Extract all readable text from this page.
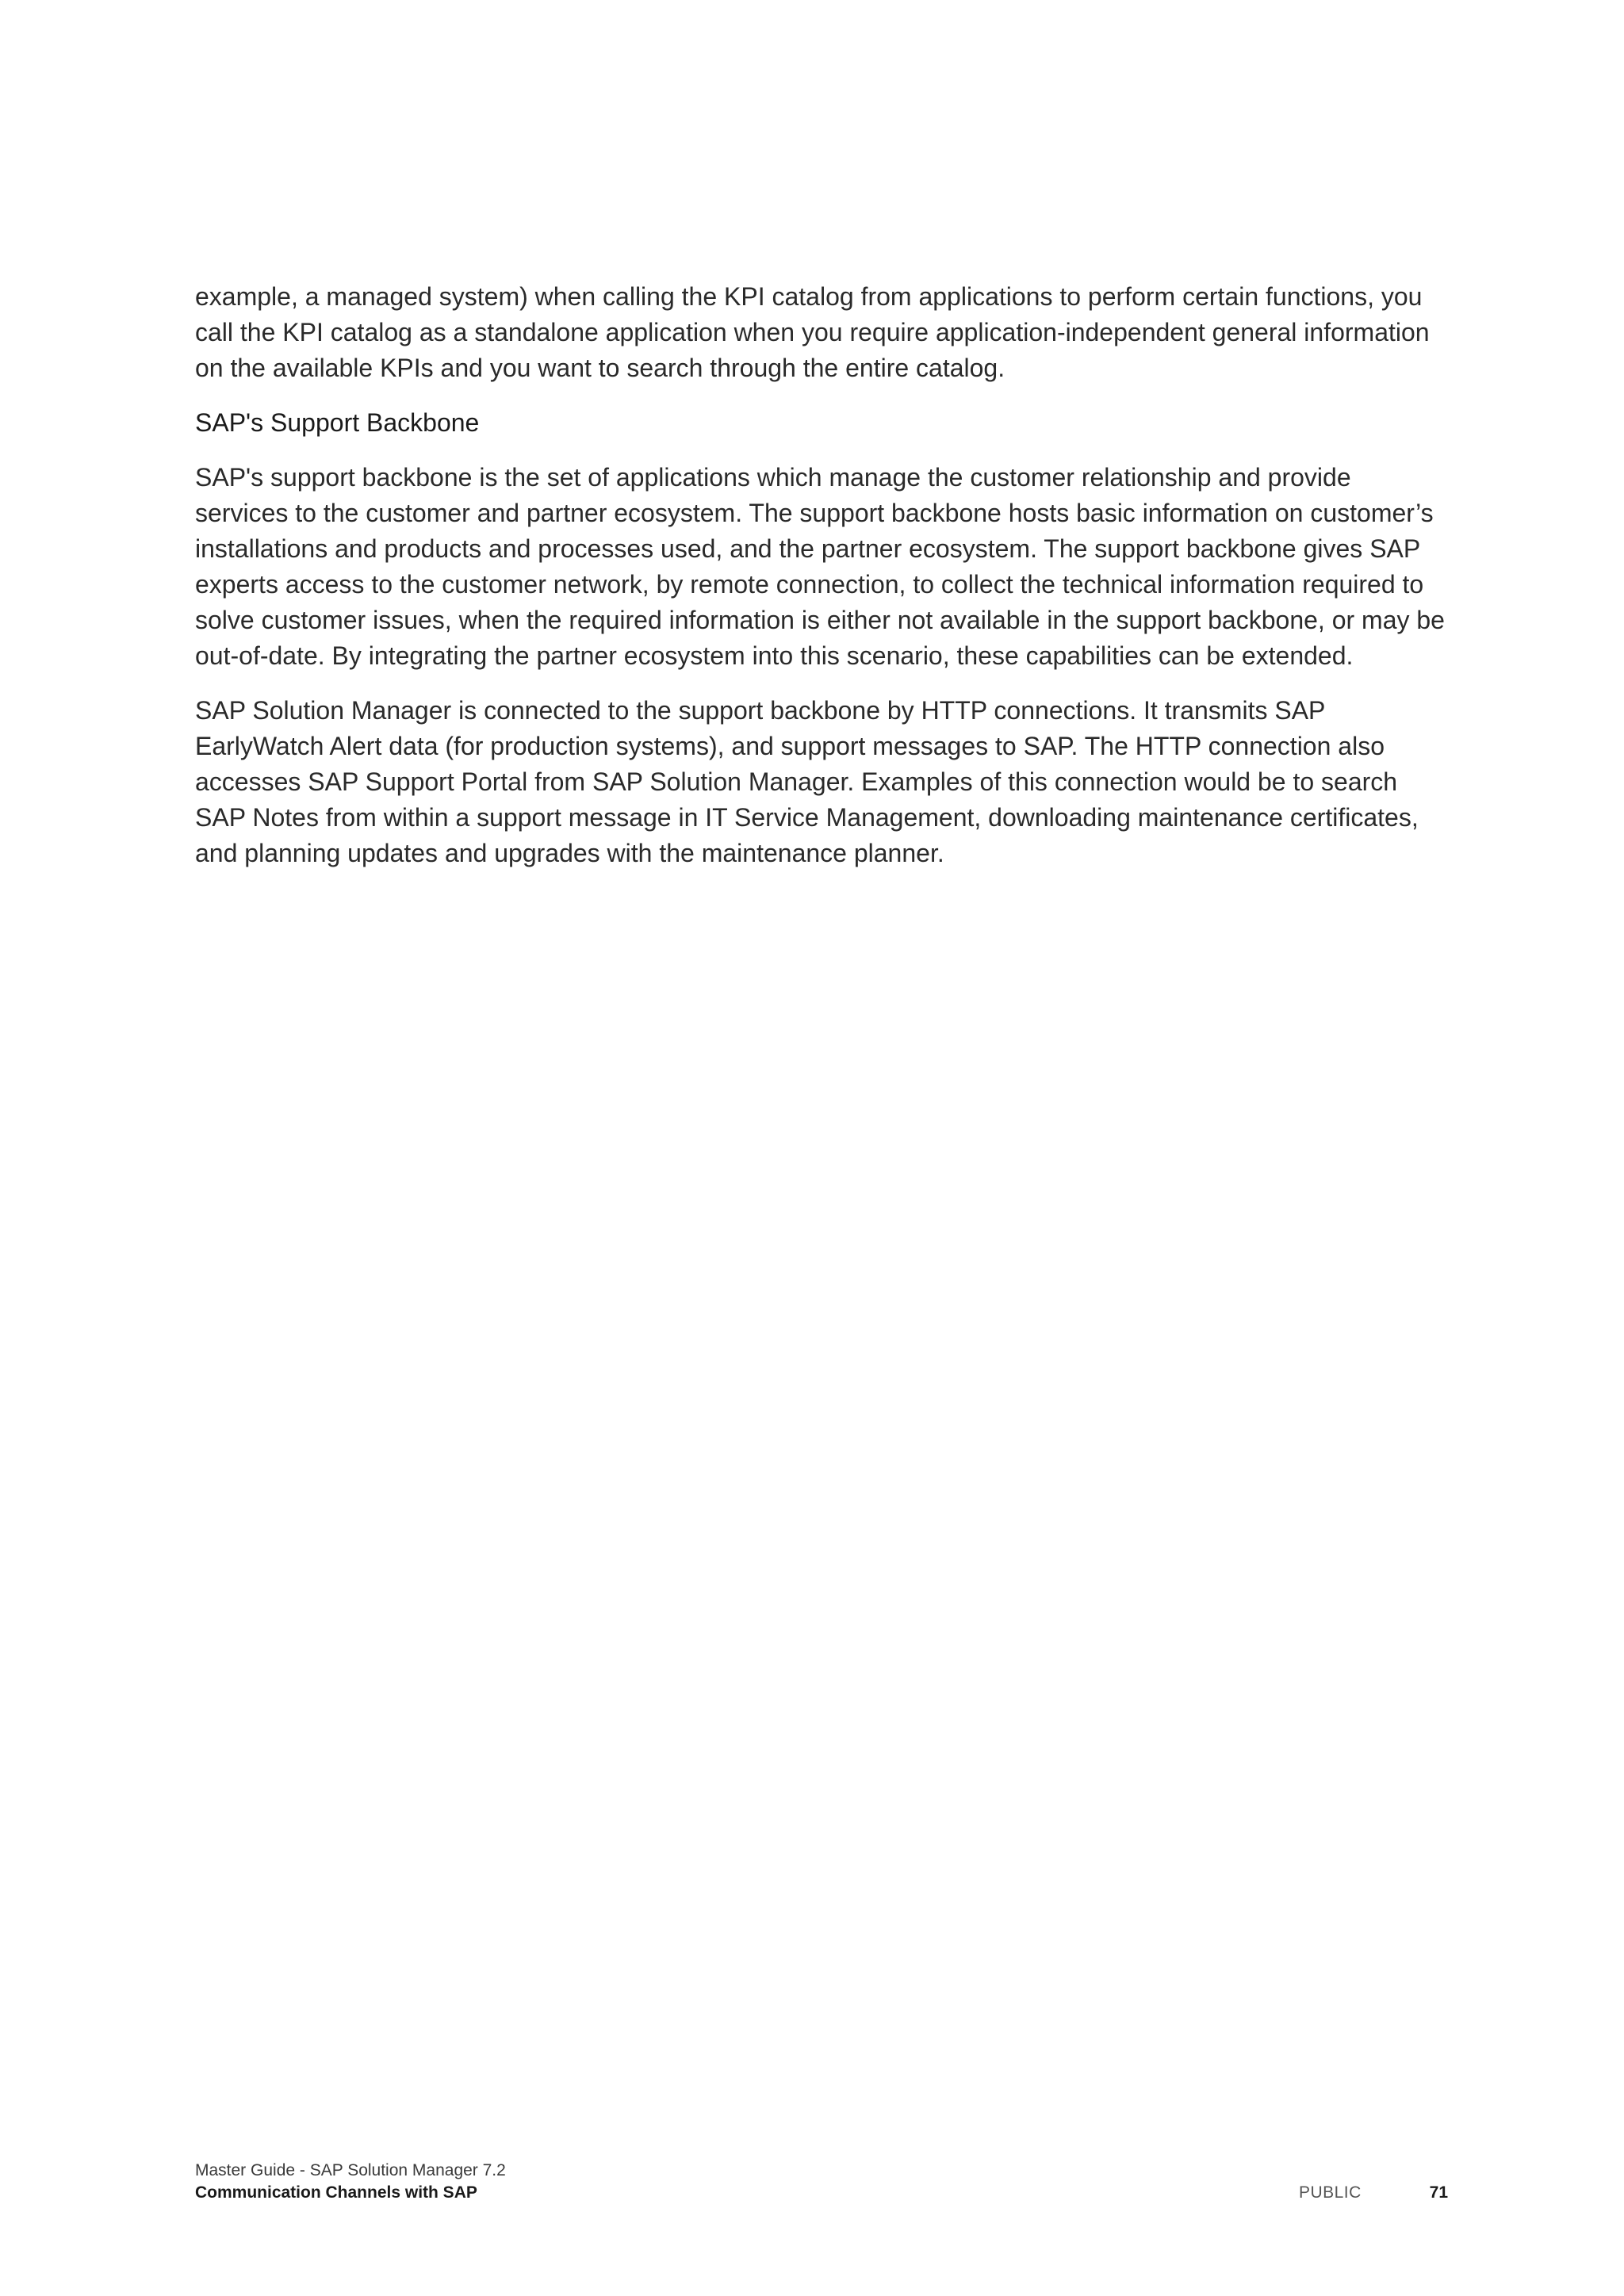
example, a managed system) when calling the KPI catalog from applications to perform certain functions, you call the KPI catalog as a standalone application when you require application-independent general information on the available KPIs and you want to search through the entire catalog.

SAP's Support Backbone

SAP's support backbone is the set of applications which manage the customer relationship and provide services to the customer and partner ecosystem. The support backbone hosts basic information on customer’s installations and products and processes used, and the partner ecosystem. The support backbone gives SAP experts access to the customer network, by remote connection, to collect the technical information required to solve customer issues, when the required information is either not available in the support backbone, or may be out-of-date. By integrating the partner ecosystem into this scenario, these capabilities can be extended.

SAP Solution Manager is connected to the support backbone by HTTP connections. It transmits SAP EarlyWatch Alert data (for production systems), and support messages to SAP. The HTTP connection also accesses SAP Support Portal from SAP Solution Manager. Examples of this connection would be to search SAP Notes from within a support message in IT Service Management, downloading maintenance certificates, and planning updates and upgrades with the maintenance planner.

Master Guide - SAP Solution Manager 7.2
Communication Channels with SAP	PUBLIC	71
